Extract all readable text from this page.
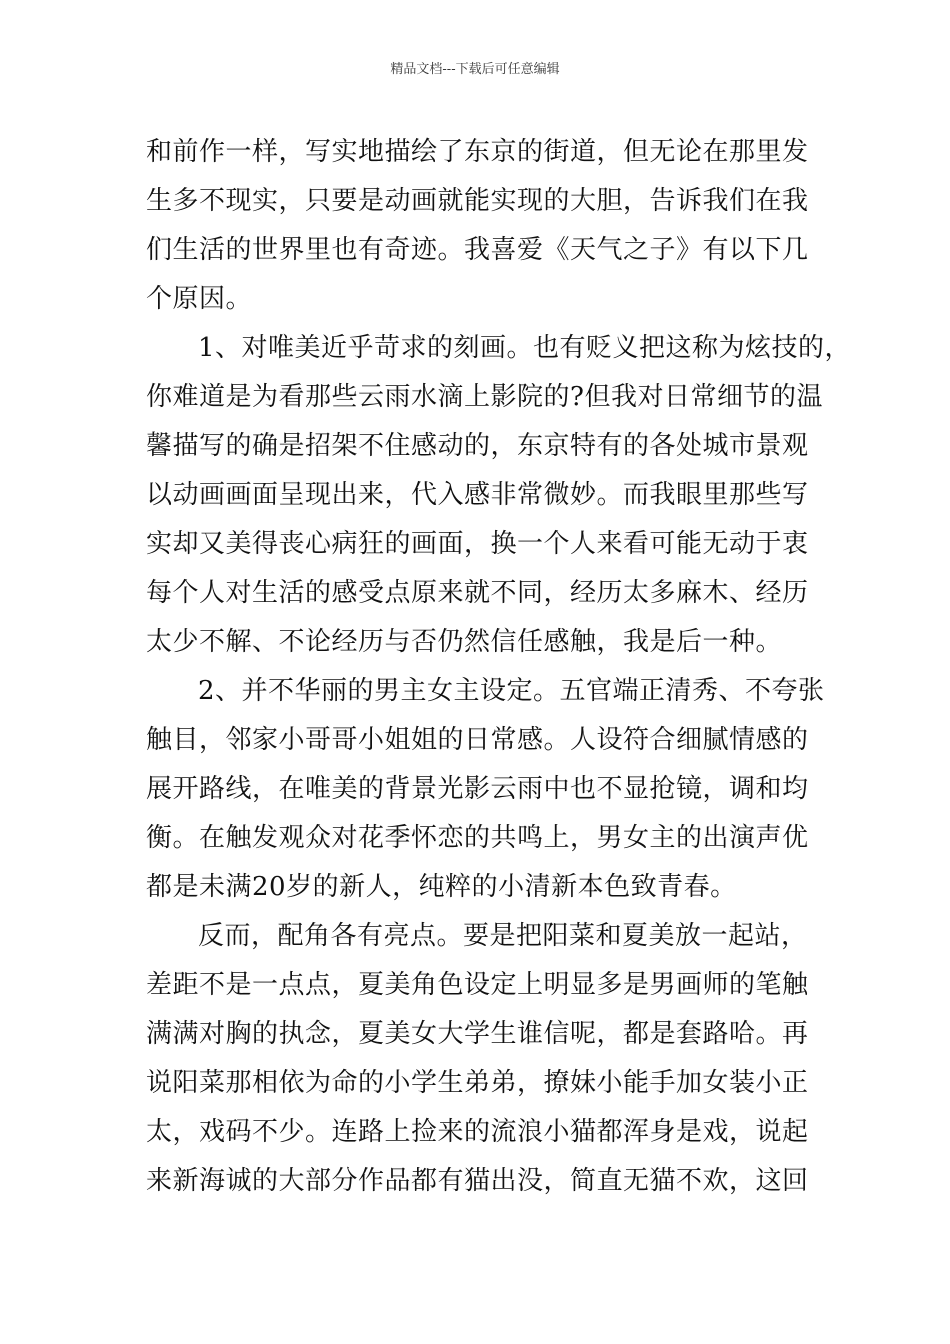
精品文档---下载后可任意编辑

和前作一样，写实地描绘了东京的街道，但无论在那里发
生多不现实，只要是动画就能实现的大胆，告诉我们在我
们生活的世界里也有奇迹。我喜爱《天气之子》有以下几
个原因。

1、对唯美近乎苛求的刻画。也有贬义把这称为炫技的，
你难道是为看那些云雨水滴上影院的?但我对日常细节的温
馨描写的确是招架不住感动的，东京特有的各处城市景观
以动画画面呈现出来，代入感非常微妙。而我眼里那些写
实却又美得丧心病狂的画面，换一个人来看可能无动于衷
每个人对生活的感受点原来就不同，经历太多麻木、经历
太少不解、不论经历与否仍然信任感触，我是后一种。

2、并不华丽的男主女主设定。五官端正清秀、不夸张
触目，邻家小哥哥小姐姐的日常感。人设符合细腻情感的
展开路线，在唯美的背景光影云雨中也不显抢镜，调和均
衡。在触发观众对花季怀恋的共鸣上，男女主的出演声优
都是未满20岁的新人，纯粹的小清新本色致青春。

反而，配角各有亮点。要是把阳菜和夏美放一起站，
差距不是一点点，夏美角色设定上明显多是男画师的笔触
满满对胸的执念，夏美女大学生谁信呢，都是套路哈。再
说阳菜那相依为命的小学生弟弟，撩妹小能手加女装小正
太，戏码不少。连路上捡来的流浪小猫都浑身是戏，说起
来新海诚的大部分作品都有猫出没，简直无猫不欢，这回
